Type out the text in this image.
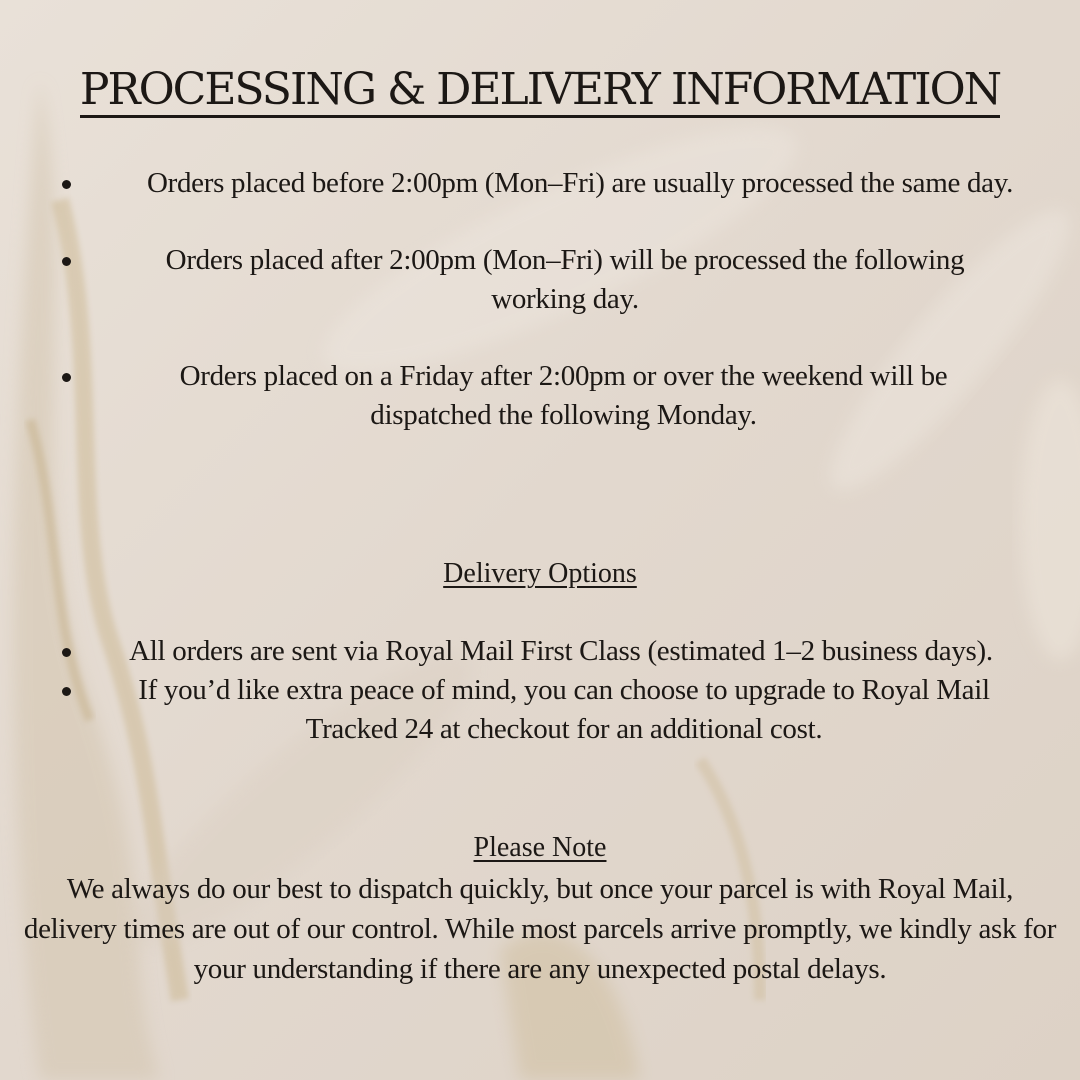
PROCESSING & DELIVERY INFORMATION
Orders placed before 2:00pm (Mon–Fri) are usually processed the same day.
Orders placed after 2:00pm (Mon–Fri) will be processed the following working day.
Orders placed on a Friday after 2:00pm or over the weekend will be dispatched the following Monday.
Delivery Options
All orders are sent via Royal Mail First Class (estimated 1–2 business days).
If you’d like extra peace of mind, you can choose to upgrade to Royal Mail Tracked 24 at checkout for an additional cost.
Please Note

We always do our best to dispatch quickly, but once your parcel is with Royal Mail, delivery times are out of our control. While most parcels arrive promptly, we kindly ask for your understanding if there are any unexpected postal delays.
